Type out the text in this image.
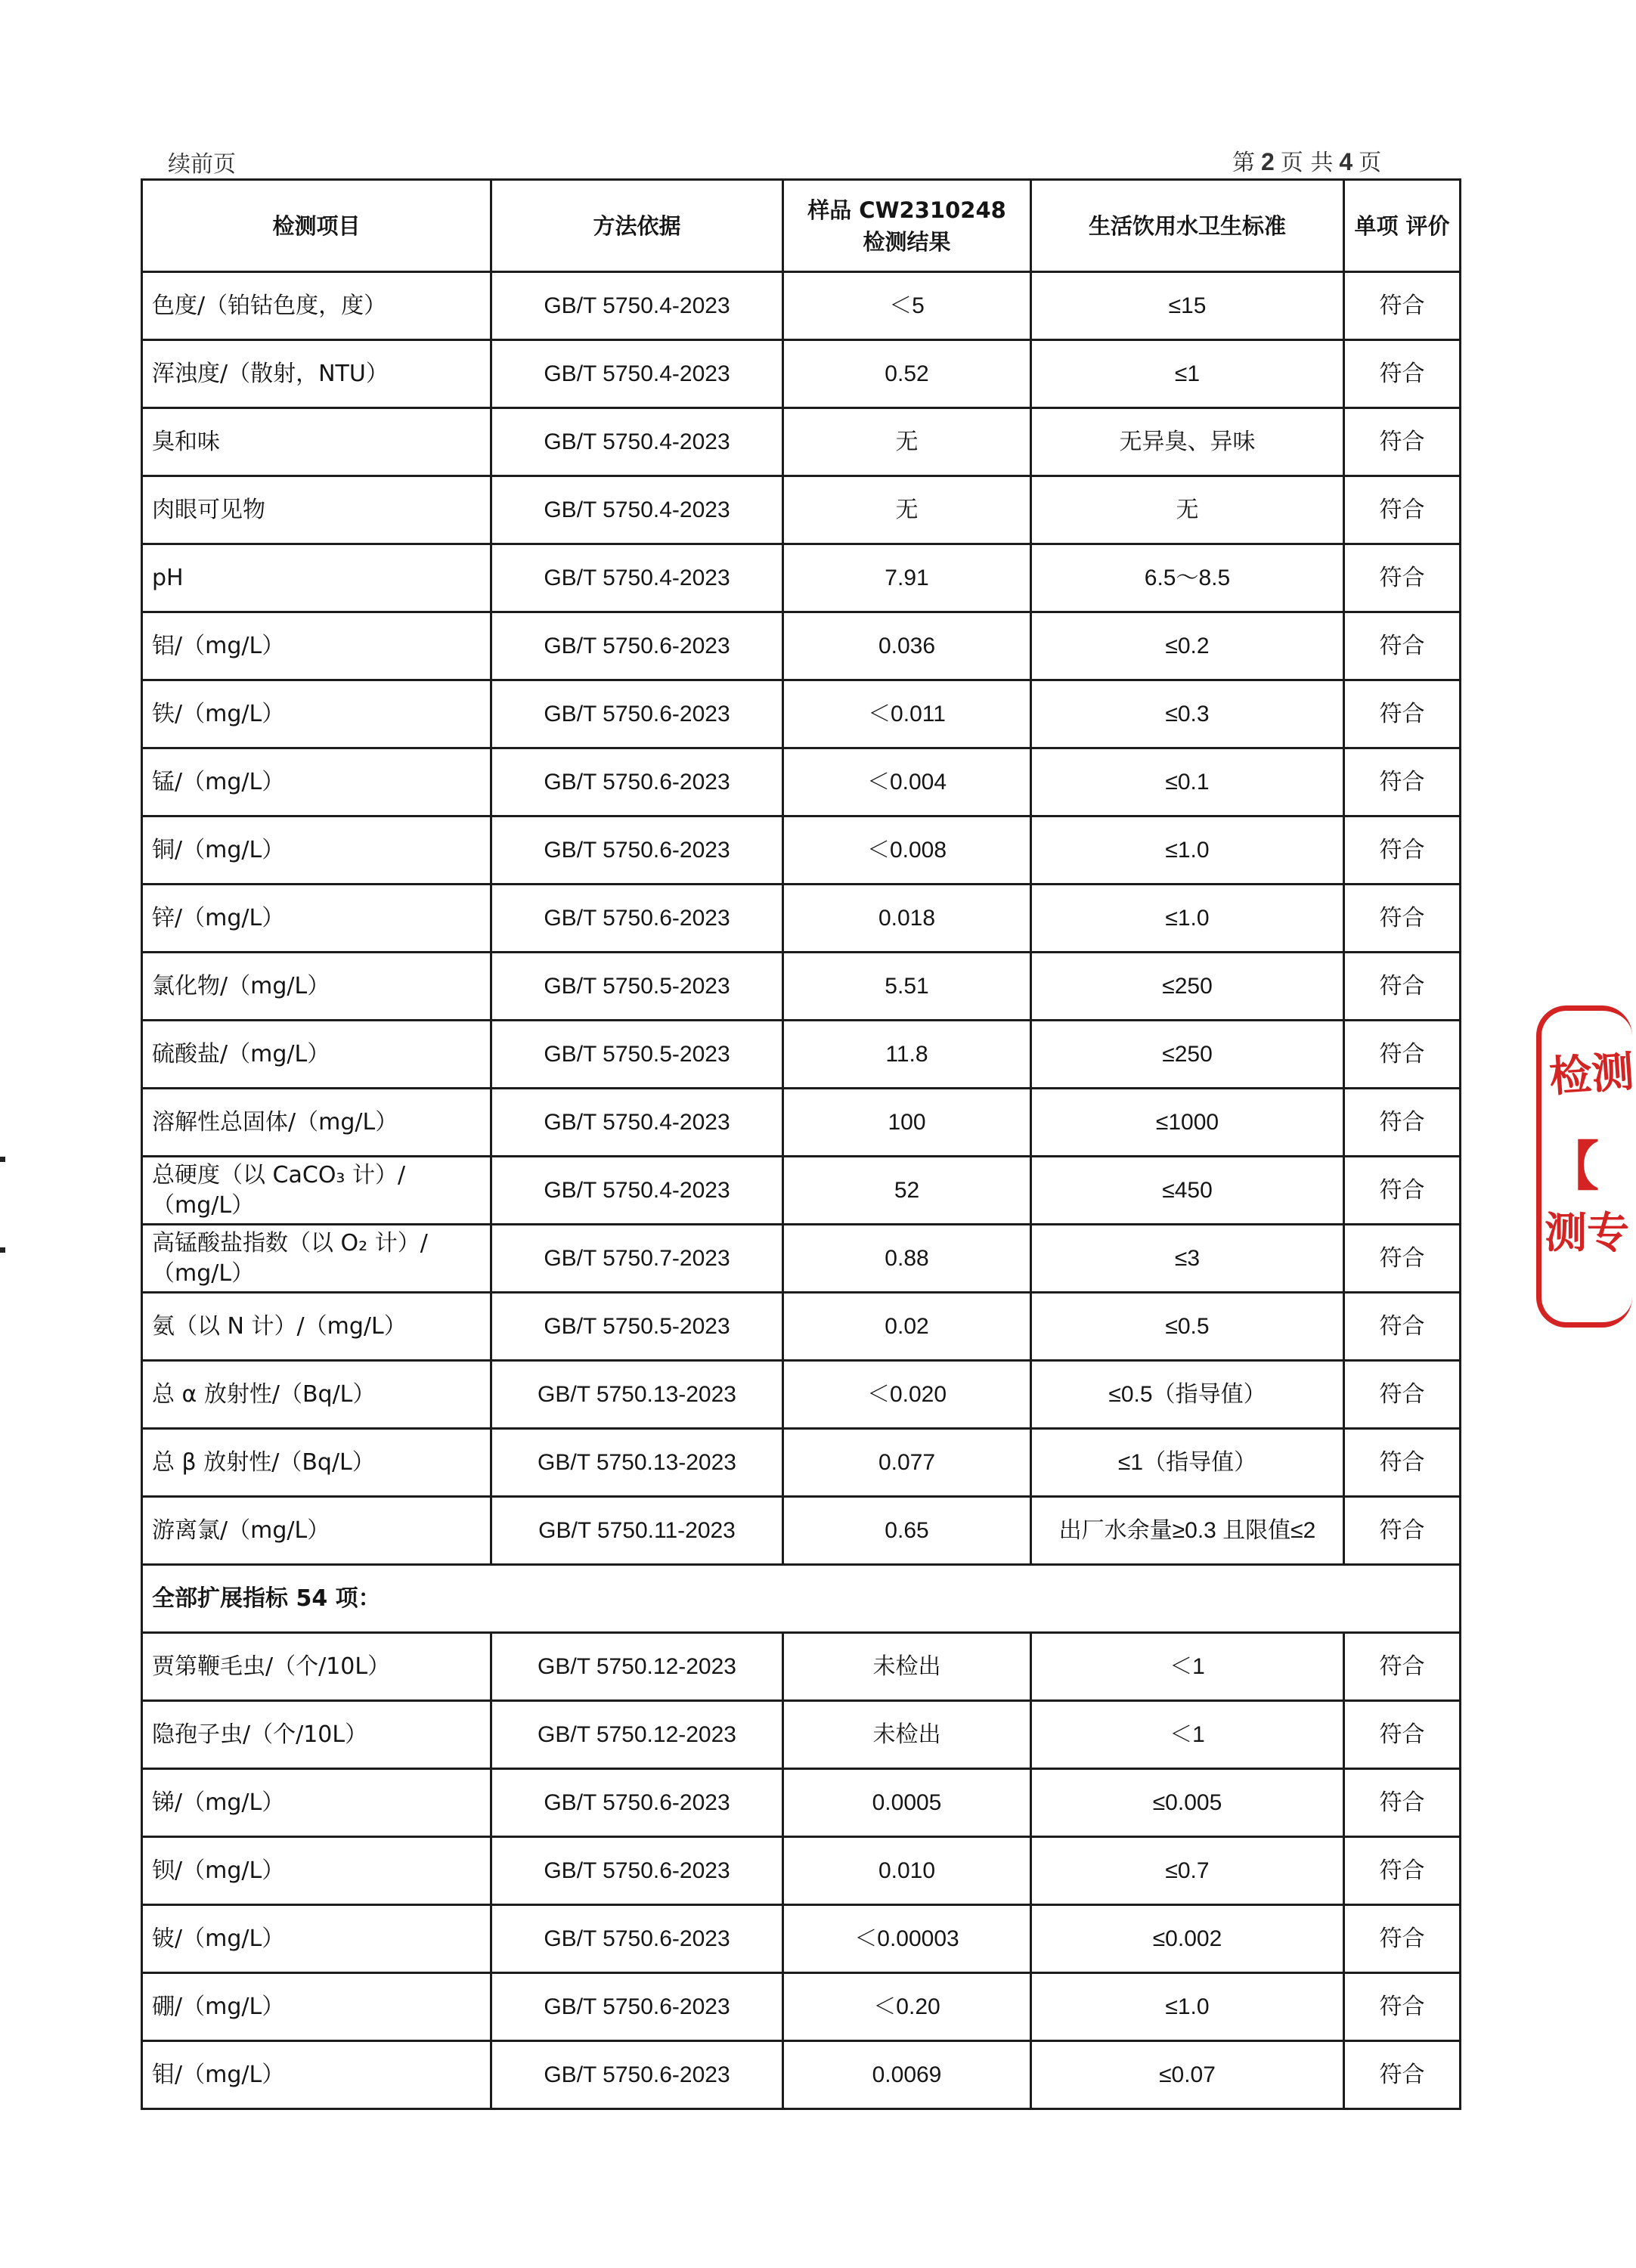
续前页	第 2 页 共 4 页
检测项目	方法依据	样品 CW2310248 检测结果	生活饮用水卫生标准	单项 评价
色度/（铂钴色度，度）	GB/T 5750.4-2023	＜5	≤15	符合
浑浊度/（散射，NTU）	GB/T 5750.4-2023	0.52	≤1	符合
臭和味	GB/T 5750.4-2023	无	无异臭、异味	符合
肉眼可见物	GB/T 5750.4-2023	无	无	符合
pH	GB/T 5750.4-2023	7.91	6.5～8.5	符合
铝/（mg/L）	GB/T 5750.6-2023	0.036	≤0.2	符合
铁/（mg/L）	GB/T 5750.6-2023	＜0.011	≤0.3	符合
锰/（mg/L）	GB/T 5750.6-2023	＜0.004	≤0.1	符合
铜/（mg/L）	GB/T 5750.6-2023	＜0.008	≤1.0	符合
锌/（mg/L）	GB/T 5750.6-2023	0.018	≤1.0	符合
氯化物/（mg/L）	GB/T 5750.5-2023	5.51	≤250	符合
硫酸盐/（mg/L）	GB/T 5750.5-2023	11.8	≤250	符合
溶解性总固体/（mg/L）	GB/T 5750.4-2023	100	≤1000	符合
总硬度（以 CaCO₃ 计）/（mg/L）	GB/T 5750.4-2023	52	≤450	符合
高锰酸盐指数（以 O₂ 计）/（mg/L）	GB/T 5750.7-2023	0.88	≤3	符合
氨（以 N 计）/（mg/L）	GB/T 5750.5-2023	0.02	≤0.5	符合
总 α 放射性/（Bq/L）	GB/T 5750.13-2023	＜0.020	≤0.5（指导值）	符合
总 β 放射性/（Bq/L）	GB/T 5750.13-2023	0.077	≤1（指导值）	符合
游离氯/（mg/L）	GB/T 5750.11-2023	0.65	出厂水余量≥0.3 且限值≤2	符合
全部扩展指标 54 项：				
贾第鞭毛虫/（个/10L）	GB/T 5750.12-2023	未检出	＜1	符合
隐孢子虫/（个/10L）	GB/T 5750.12-2023	未检出	＜1	符合
锑/（mg/L）	GB/T 5750.6-2023	0.0005	≤0.005	符合
钡/（mg/L）	GB/T 5750.6-2023	0.010	≤0.7	符合
铍/（mg/L）	GB/T 5750.6-2023	＜0.00003	≤0.002	符合
硼/（mg/L）	GB/T 5750.6-2023	＜0.20	≤1.0	符合
钼/（mg/L）	GB/T 5750.6-2023	0.0069	≤0.07	符合
检测
【
测专
